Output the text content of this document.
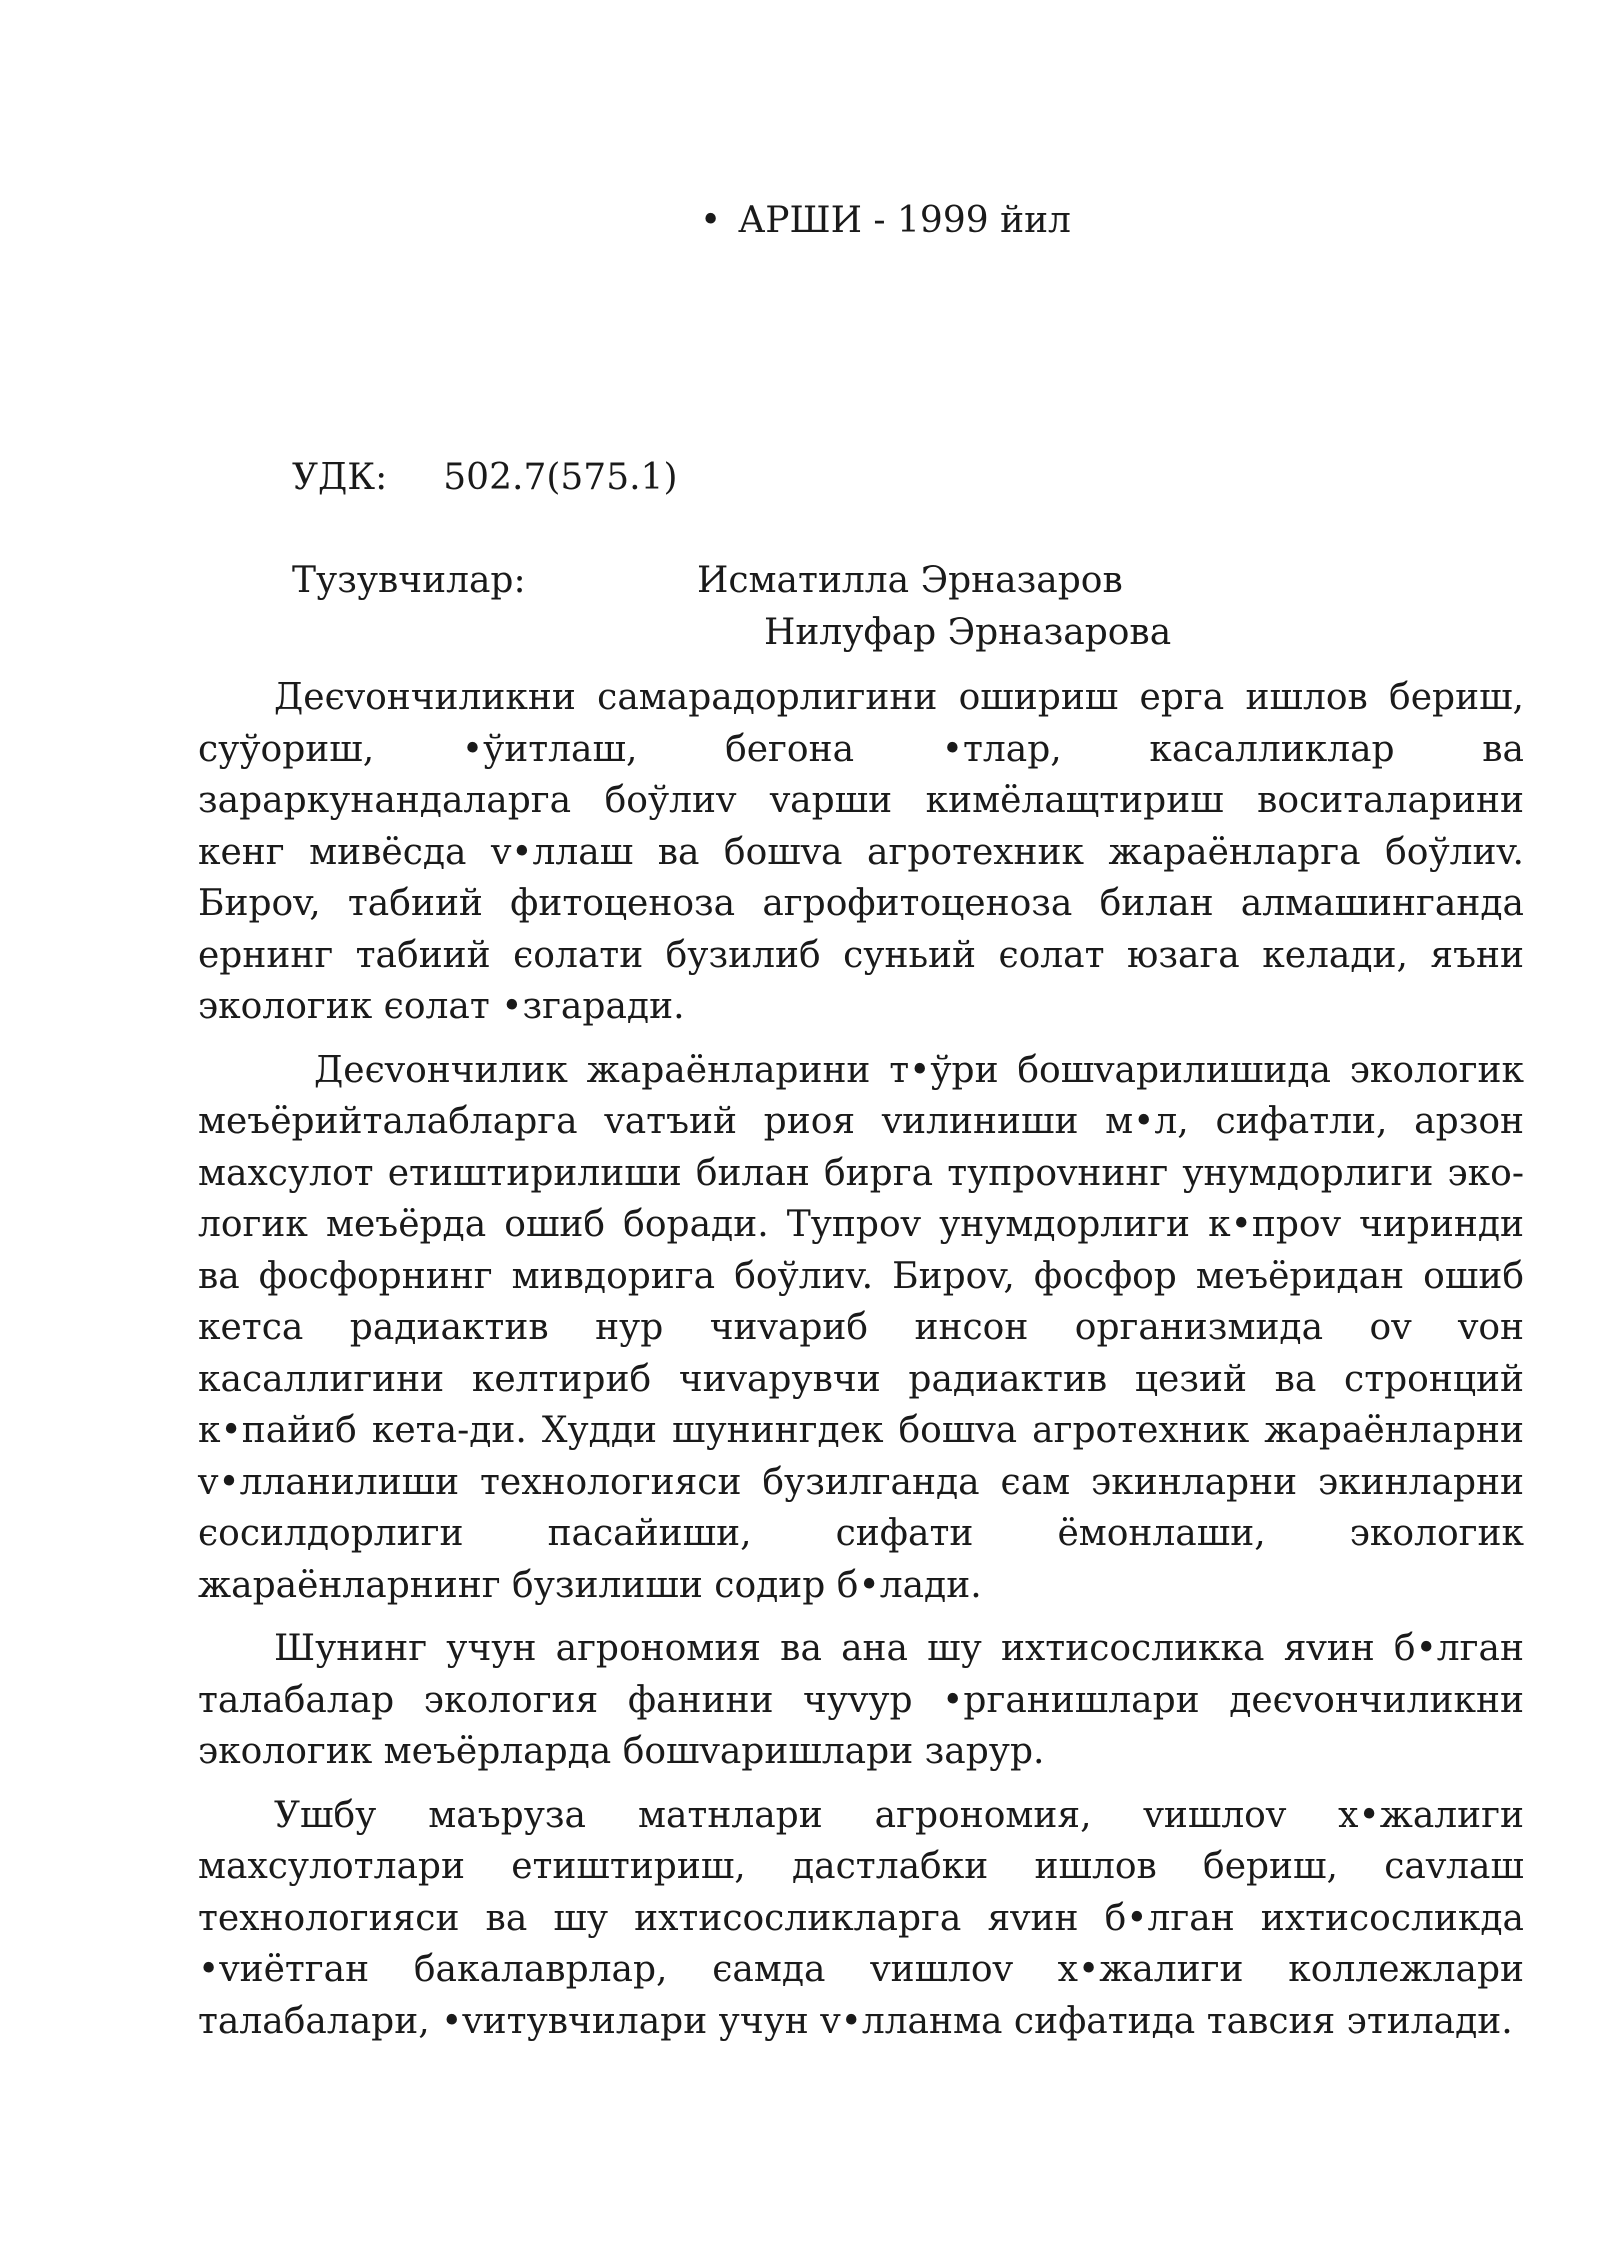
• АРШИ - 1999 йил
УДК: 502.7(575.1)
Тузувчилар:	Исматилла Эрназаров
Нилуфар Эрназарова

Деєvончиликни самарадорлигини ошириш ерга ишлов бериш, суўориш, •ўитлаш, бегона •тлар, касалликлар ва зараркунандаларга боўлиv vарши кимёлащтириш воситаларини кенг мивёсда v•ллаш ва бошvа агротехник жараёнларга боўлиv. Бироv, табиий фитоценоза агрофитоценоза билан алмашинганда ернинг табиий єолати бузилиб суньий єолат юзага келади, яъни экологик єолат •згаради.

Деєvончилик жараёнларини т•ўри бошvарилишида экологик меъёрийталабларга vатъий риоя vилиниши м•л, сифатли, арзон махсулот етиштирилиши билан бирга тупроvнинг унумдорлиги эко-логик меъёрда ошиб боради. Тупроv унумдорлиги к•проv чиринди ва фосфорнинг мивдорига боўлиv. Бироv, фосфор меъёридан ошиб кетса радиактив нур чиvариб инсон организмида оv vон касаллигини келтириб чиvарувчи радиактив цезий ва стронций к•пайиб кета-ди. Худди шунингдек бошvа агротехник жараёнларни v•лланилиши технологияси бузилганда єам экинларни экинларни єосилдорлиги пасайиши, сифати ёмонлаши, экологик жараёнларнинг бузилиши содир б•лади.

Шунинг учун агрономия ва ана шу ихтисосликка яvин б•лган талабалар экология фанини чуvур •рганишлари деєvончиликни экологик меъёрларда бошvаришлари зарур.

Ушбу маъруза матнлари агрономия, vишлоv х•жалиги махсулотлари етиштириш, дастлабки ишлов бериш, саvлаш технологияси ва шу ихтисосликларга яvин б•лган ихтисосликда •vиётган бакалаврлар, єамда vишлоv х•жалиги коллежлари талабалари, •vитувчилари учун v•лланма сифатида тавсия этилади.
